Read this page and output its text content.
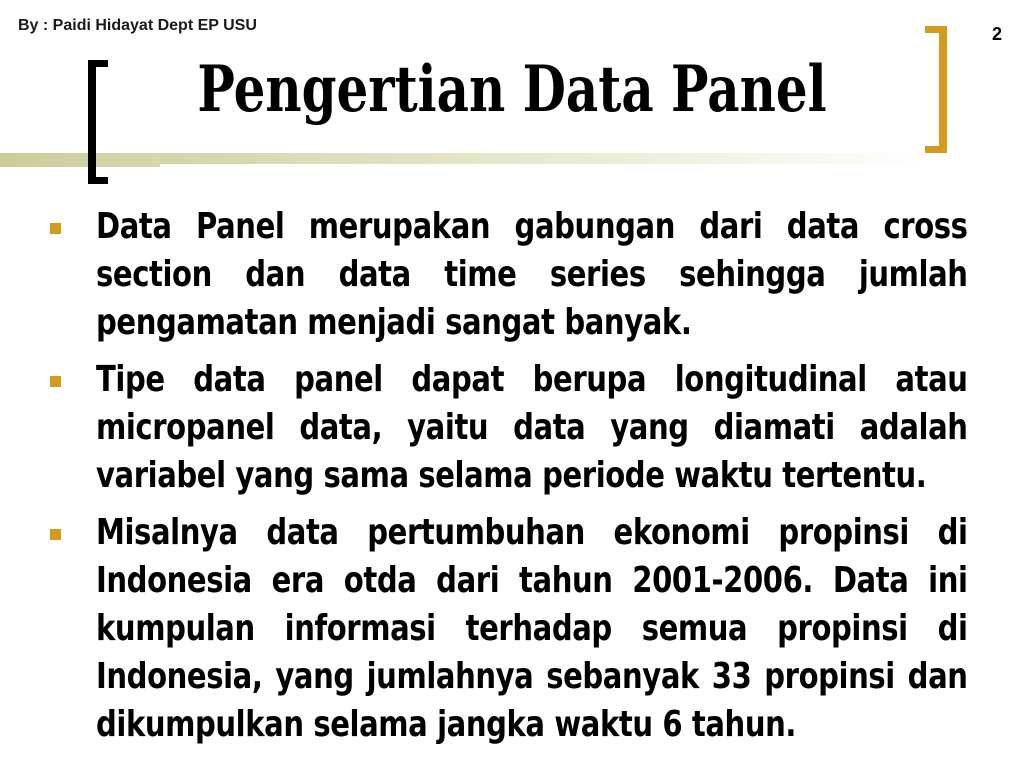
By : Paidi Hidayat Dept EP USU	2
Pengertian Data Panel
Data Panel merupakan gabungan dari data cross section dan data time series sehingga jumlah pengamatan menjadi sangat banyak.
Tipe data panel dapat berupa longitudinal atau micropanel data, yaitu data yang diamati adalah variabel yang sama selama periode waktu tertentu.
Misalnya data pertumbuhan ekonomi propinsi di Indonesia era otda dari tahun 2001-2006. Data ini kumpulan informasi terhadap semua propinsi di Indonesia, yang jumlahnya sebanyak 33 propinsi dan dikumpulkan selama jangka waktu 6 tahun.
